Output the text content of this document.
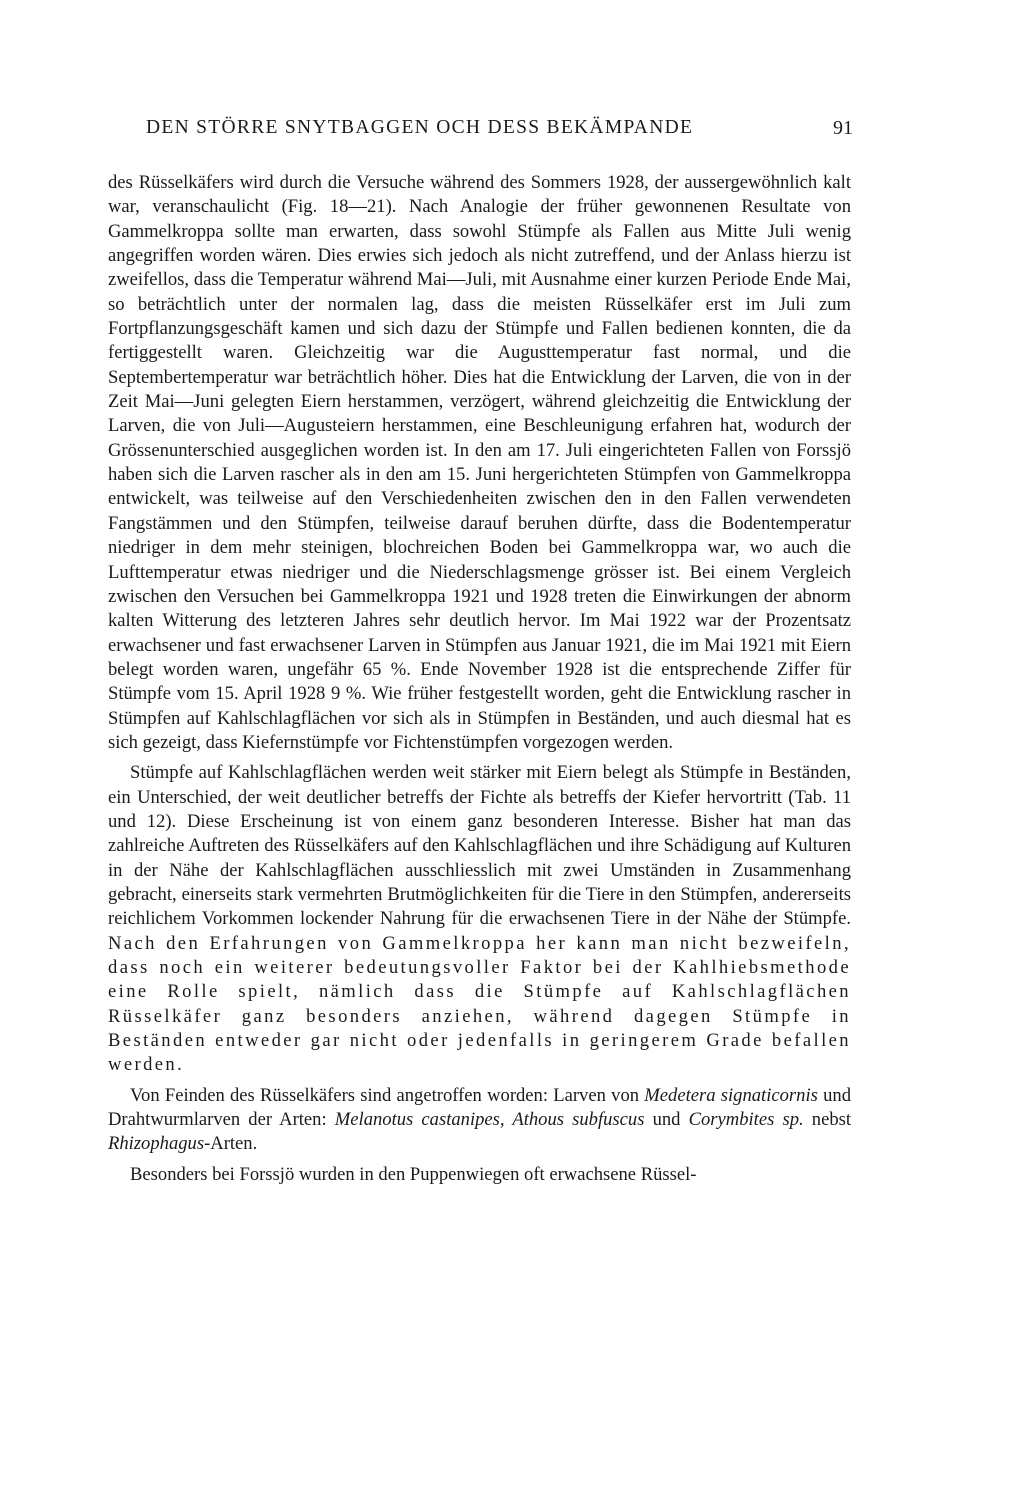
DEN STÖRRE SNYTBAGGEN OCH DESS BEKÄMPANDE	91

des Rüsselkäfers wird durch die Versuche während des Sommers 1928, der aussergewöhnlich kalt war, veranschaulicht (Fig. 18—21). Nach Analogie der früher gewonnenen Resultate von Gammelkroppa sollte man erwarten, dass sowohl Stümpfe als Fallen aus Mitte Juli wenig angegriffen worden wären. Dies erwies sich jedoch als nicht zutreffend, und der Anlass hierzu ist zweifellos, dass die Temperatur während Mai—Juli, mit Ausnahme einer kurzen Periode Ende Mai, so beträchtlich unter der normalen lag, dass die meisten Rüsselkäfer erst im Juli zum Fortpflanzungsgeschäft kamen und sich dazu der Stümpfe und Fallen bedienen konnten, die da fertiggestellt waren. Gleichzeitig war die Augusttemperatur fast normal, und die Septembertemperatur war beträchtlich höher. Dies hat die Entwicklung der Larven, die von in der Zeit Mai—Juni gelegten Eiern herstammen, verzögert, während gleichzeitig die Entwicklung der Larven, die von Juli—Augusteiern herstammen, eine Beschleunigung erfahren hat, wodurch der Grössenunterschied ausgeglichen worden ist. In den am 17. Juli eingerichteten Fallen von Forssjö haben sich die Larven rascher als in den am 15. Juni hergerichteten Stümpfen von Gammelkroppa entwickelt, was teilweise auf den Verschiedenheiten zwischen den in den Fallen verwendeten Fangstämmen und den Stümpfen, teilweise darauf beruhen dürfte, dass die Bodentemperatur niedriger in dem mehr steinigen, blochreichen Boden bei Gammelkroppa war, wo auch die Lufttemperatur etwas niedriger und die Niederschlagsmenge grösser ist. Bei einem Vergleich zwischen den Versuchen bei Gammelkroppa 1921 und 1928 treten die Einwirkungen der abnorm kalten Witterung des letzteren Jahres sehr deutlich hervor. Im Mai 1922 war der Prozentsatz erwachsener und fast erwachsener Larven in Stümpfen aus Januar 1921, die im Mai 1921 mit Eiern belegt worden waren, ungefähr 65 %. Ende November 1928 ist die entsprechende Ziffer für Stümpfe vom 15. April 1928 9 %. Wie früher festgestellt worden, geht die Entwicklung rascher in Stümpfen auf Kahlschlagflächen vor sich als in Stümpfen in Beständen, und auch diesmal hat es sich gezeigt, dass Kiefernstümpfe vor Fichtenstümpfen vorgezogen werden.

Stümpfe auf Kahlschlagflächen werden weit stärker mit Eiern belegt als Stümpfe in Beständen, ein Unterschied, der weit deutlicher betreffs der Fichte als betreffs der Kiefer hervortritt (Tab. 11 und 12). Diese Erscheinung ist von einem ganz besonderen Interesse. Bisher hat man das zahlreiche Auftreten des Rüsselkäfers auf den Kahlschlagflächen und ihre Schädigung auf Kulturen in der Nähe der Kahlschlagflächen ausschliesslich mit zwei Umständen in Zusammenhang gebracht, einerseits stark vermehrten Brutmöglichkeiten für die Tiere in den Stümpfen, andererseits reichlichem Vorkommen lockender Nahrung für die erwachsenen Tiere in der Nähe der Stümpfe. Nach den Erfahrungen von Gammelkroppa her kann man nicht bezweifeln, dass noch ein weiterer bedeutungsvoller Faktor bei der Kahlhiebsmethode eine Rolle spielt, nämlich dass die Stümpfe auf Kahlschlagflächen Rüsselkäfer ganz besonders anziehen, während dagegen Stümpfe in Beständen entweder gar nicht oder jedenfalls in geringerem Grade befallen werden.

Von Feinden des Rüsselkäfers sind angetroffen worden: Larven von Medetera signaticornis und Drahtwurmlarven der Arten: Melanotus castanipes, Athous subfuscus und Corymbites sp. nebst Rhizophagus-Arten.

Besonders bei Forssjö wurden in den Puppenwiegen oft erwachsene Rüssel-
